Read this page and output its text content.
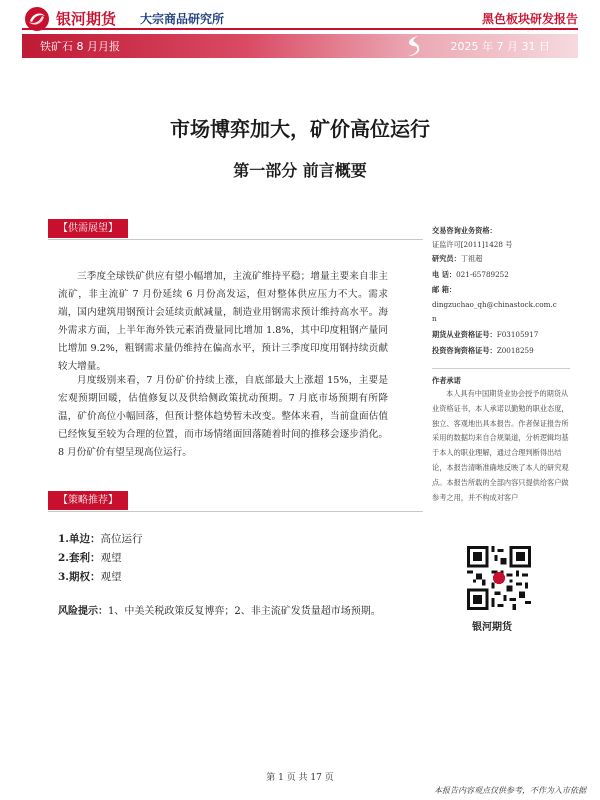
银河期货 大宗商品研究所	黑色板块研发报告
铁矿石 8 月月报	2025 年 7 月 31 日
市场博弈加大，矿价高位运行
第一部分 前言概要
【供需展望】

三季度全球铁矿供应有望小幅增加，主流矿维持平稳；增量主要来自非主流矿，非主流矿 7 月份延续 6 月份高发运，但对整体供应压力不大。需求端，国内建筑用钢预计会延续贡献减量，制造业用钢需求预计维持高水平。海外需求方面，上半年海外铁元素消费量同比增加 1.8%，其中印度粗钢产量同比增加 9.2%，粗钢需求量仍维持在偏高水平，预计三季度印度用钢持续贡献较大增量。

月度级别来看，7 月份矿价持续上涨，自底部最大上涨超 15%，主要是宏观预期回暖，估值修复以及供给侧政策扰动预期。7 月底市场预期有所降温，矿价高位小幅回落，但预计整体趋势暂未改变。整体来看，当前盘面估值已经恢复至较为合理的位置，而市场情绪面回落随着时间的推移会逐步消化。8 月份矿价有望呈现高位运行。

【策略推荐】
1.单边：高位运行
2.套利：观望
3.期权：观望
风险提示：1、中美关税政策反复博弈；2、非主流矿发货量超市场预期。
交易咨询业务资格：
证监许可[2011]1428 号
研究员：丁祖超
电 话：021-65789252
邮 箱：
dingzuchao_qh@chinastock.com.c
n
期货从业资格证号：F03105917
投资咨询资格证号：Z0018259
作者承诺

本人具有中国期货业协会授予的期货从业资格证书，本人承诺以勤勉的职业态度，独立、客观地出具本报告。作者保证报告所采用的数据均来自合规渠道，分析逻辑均基于本人的职业理解，通过合理判断得出结论，本报告清晰准确地反映了本人的研究观点。本报告所载的全部内容只提供给客户做参考之用，并不构成对客户

银河期货
第 1 页 共 17 页
本报告内容观点仅供参考，不作为入市依据
